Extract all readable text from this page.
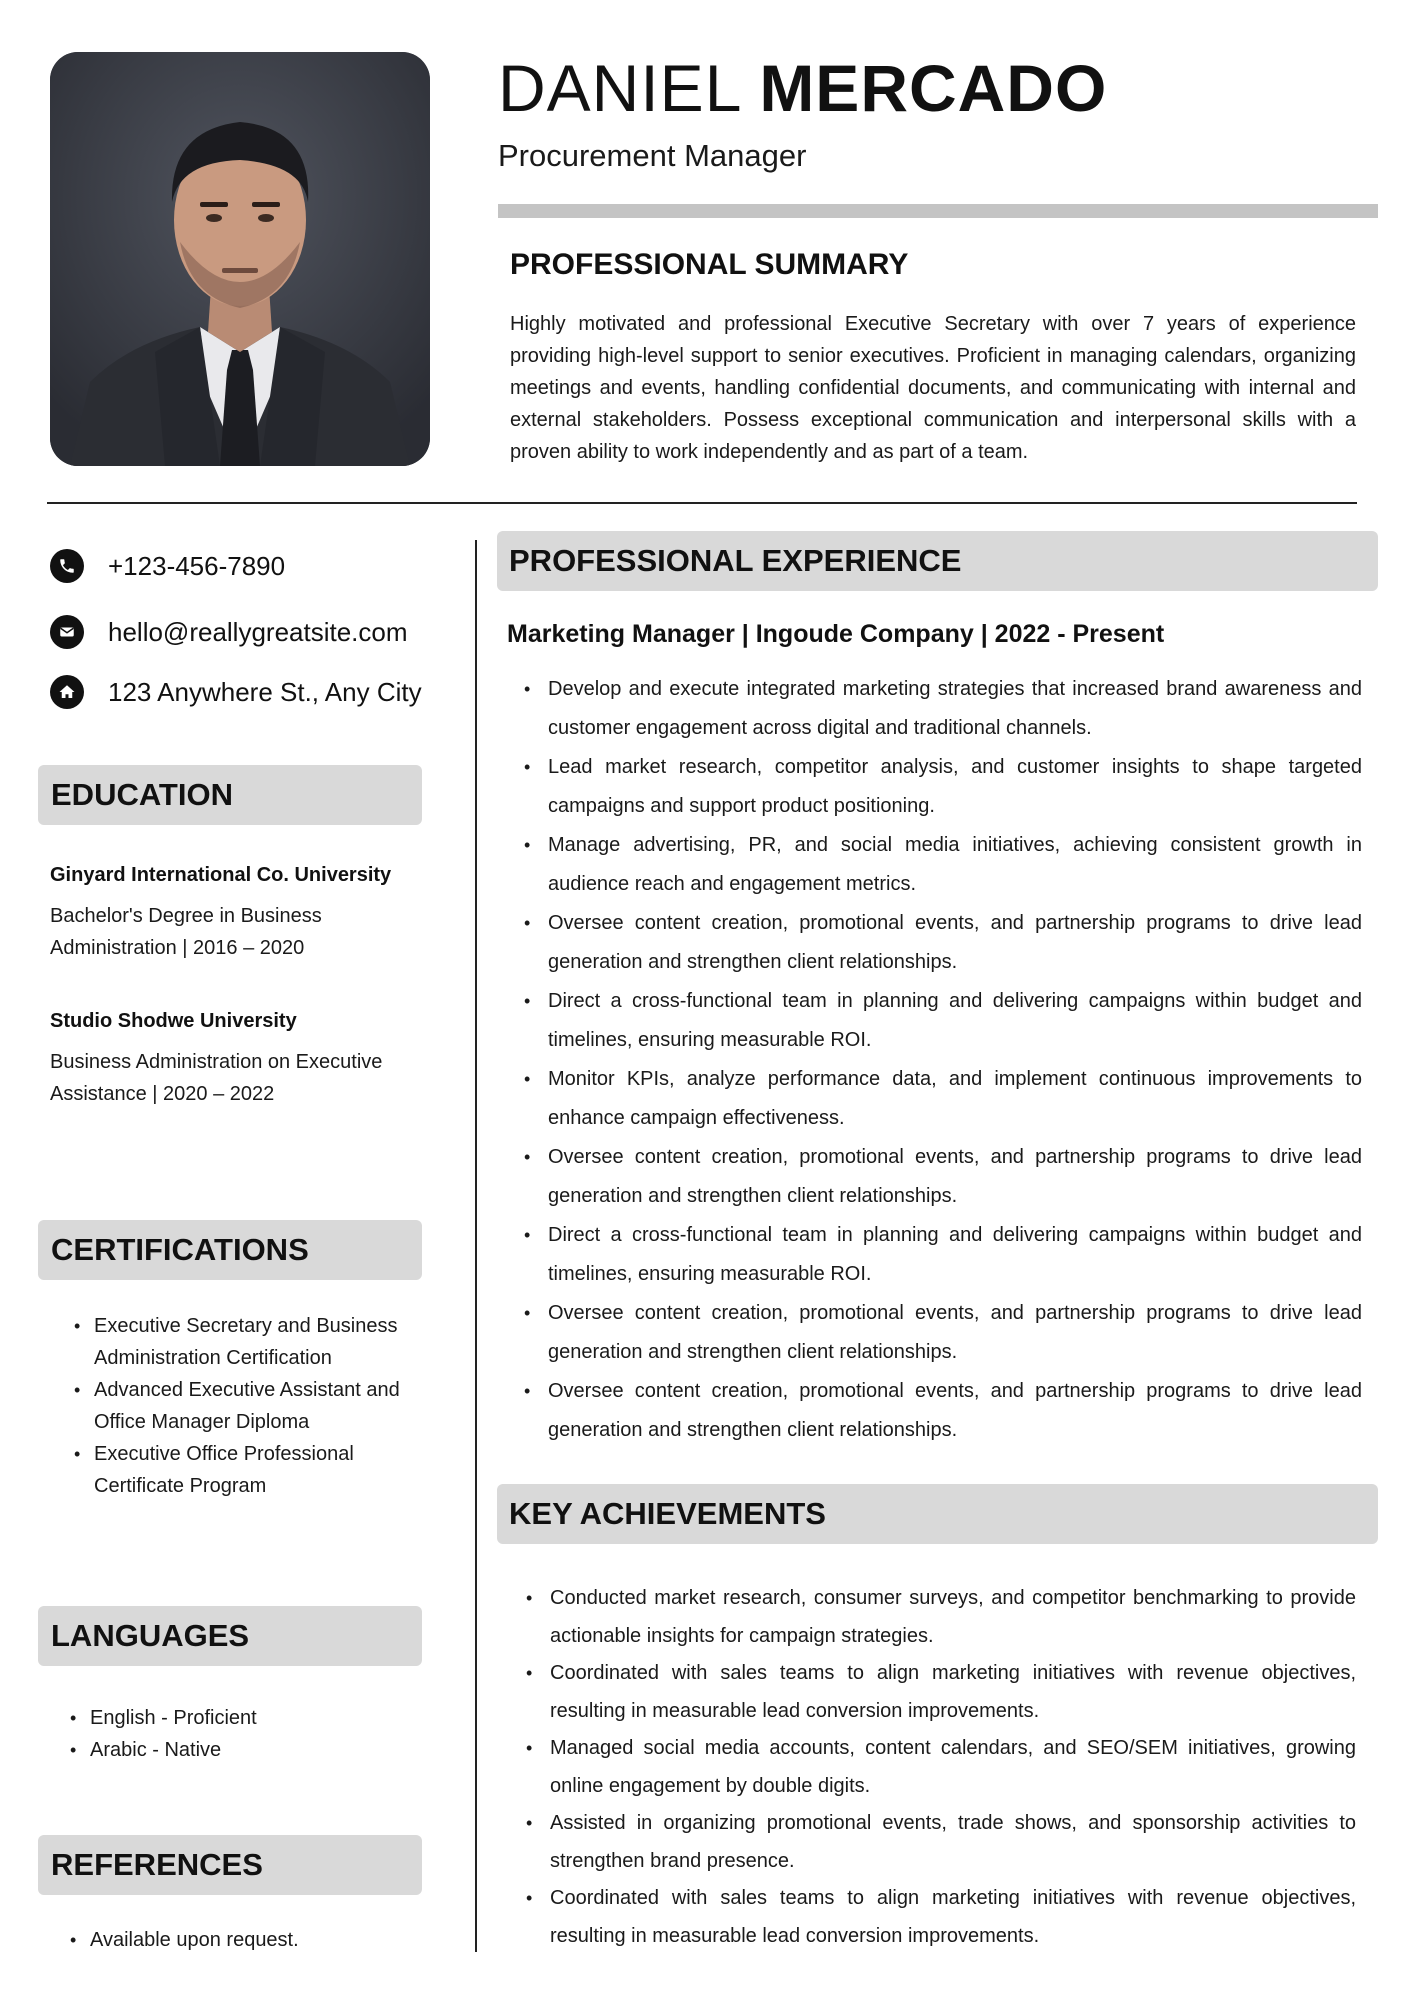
DANIEL MERCADO
Procurement Manager
PROFESSIONAL SUMMARY
Highly motivated and professional Executive Secretary with over 7 years of experience providing high-level support to senior executives. Proficient in managing calendars, organizing meetings and events, handling confidential documents, and communicating with internal and external stakeholders. Possess exceptional communication and interpersonal skills with a proven ability to work independently and as part of a team.
+123-456-7890
hello@reallygreatsite.com
123 Anywhere St., Any City
EDUCATION
Ginyard International Co. University
Bachelor's Degree in Business Administration | 2016 – 2020
Studio Shodwe University
Business Administration on Executive Assistance | 2020 – 2022
CERTIFICATIONS
• Executive Secretary and Business Administration Certification
• Advanced Executive Assistant and Office Manager Diploma
• Executive Office Professional Certificate Program
LANGUAGES
• English - Proficient
• Arabic - Native
REFERENCES
• Available upon request.
PROFESSIONAL EXPERIENCE
Marketing Manager | Ingoude Company | 2022 - Present
• Develop and execute integrated marketing strategies that increased brand awareness and customer engagement across digital and traditional channels.
• Lead market research, competitor analysis, and customer insights to shape targeted campaigns and support product positioning.
• Manage advertising, PR, and social media initiatives, achieving consistent growth in audience reach and engagement metrics.
• Oversee content creation, promotional events, and partnership programs to drive lead generation and strengthen client relationships.
• Direct a cross-functional team in planning and delivering campaigns within budget and timelines, ensuring measurable ROI.
• Monitor KPIs, analyze performance data, and implement continuous improvements to enhance campaign effectiveness.
• Oversee content creation, promotional events, and partnership programs to drive lead generation and strengthen client relationships.
• Direct a cross-functional team in planning and delivering campaigns within budget and timelines, ensuring measurable ROI.
• Oversee content creation, promotional events, and partnership programs to drive lead generation and strengthen client relationships.
• Oversee content creation, promotional events, and partnership programs to drive lead generation and strengthen client relationships.
KEY ACHIEVEMENTS
• Conducted market research, consumer surveys, and competitor benchmarking to provide actionable insights for campaign strategies.
• Coordinated with sales teams to align marketing initiatives with revenue objectives, resulting in measurable lead conversion improvements.
• Managed social media accounts, content calendars, and SEO/SEM initiatives, growing online engagement by double digits.
• Assisted in organizing promotional events, trade shows, and sponsorship activities to strengthen brand presence.
• Coordinated with sales teams to align marketing initiatives with revenue objectives, resulting in measurable lead conversion improvements.
